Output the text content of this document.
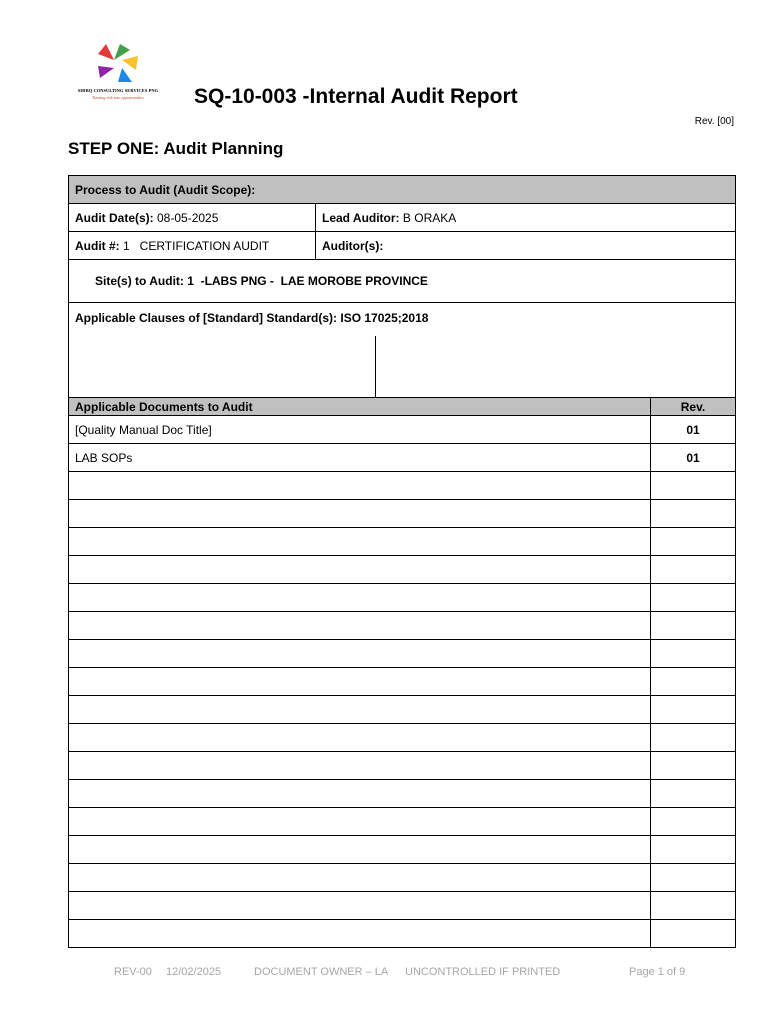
SHIBQ CONSULTING SERVICES PNG
Turning risk into opportunities	SQ-10-003 -Internal Audit Report
Rev. [00]
STEP ONE: Audit Planning
Process to Audit (Audit Scope):	
Audit Date(s): 08-05-2025	Lead Auditor: B ORAKA
Audit #: 1   CERTIFICATION AUDIT	Auditor(s):

Site(s) to Audit: 1  -LABS PNG -  LAE MOROBE PROVINCE	

Applicable Clauses of [Standard] Standard(s): ISO 17025;2018	
Applicable Documents to Audit	Rev.
[Quality Manual Doc Title]	01
LAB SOPs	01

REV-00 12/02/2025	DOCUMENT OWNER – LA UNCONTROLLED IF PRINTED	Page 1 of 9
